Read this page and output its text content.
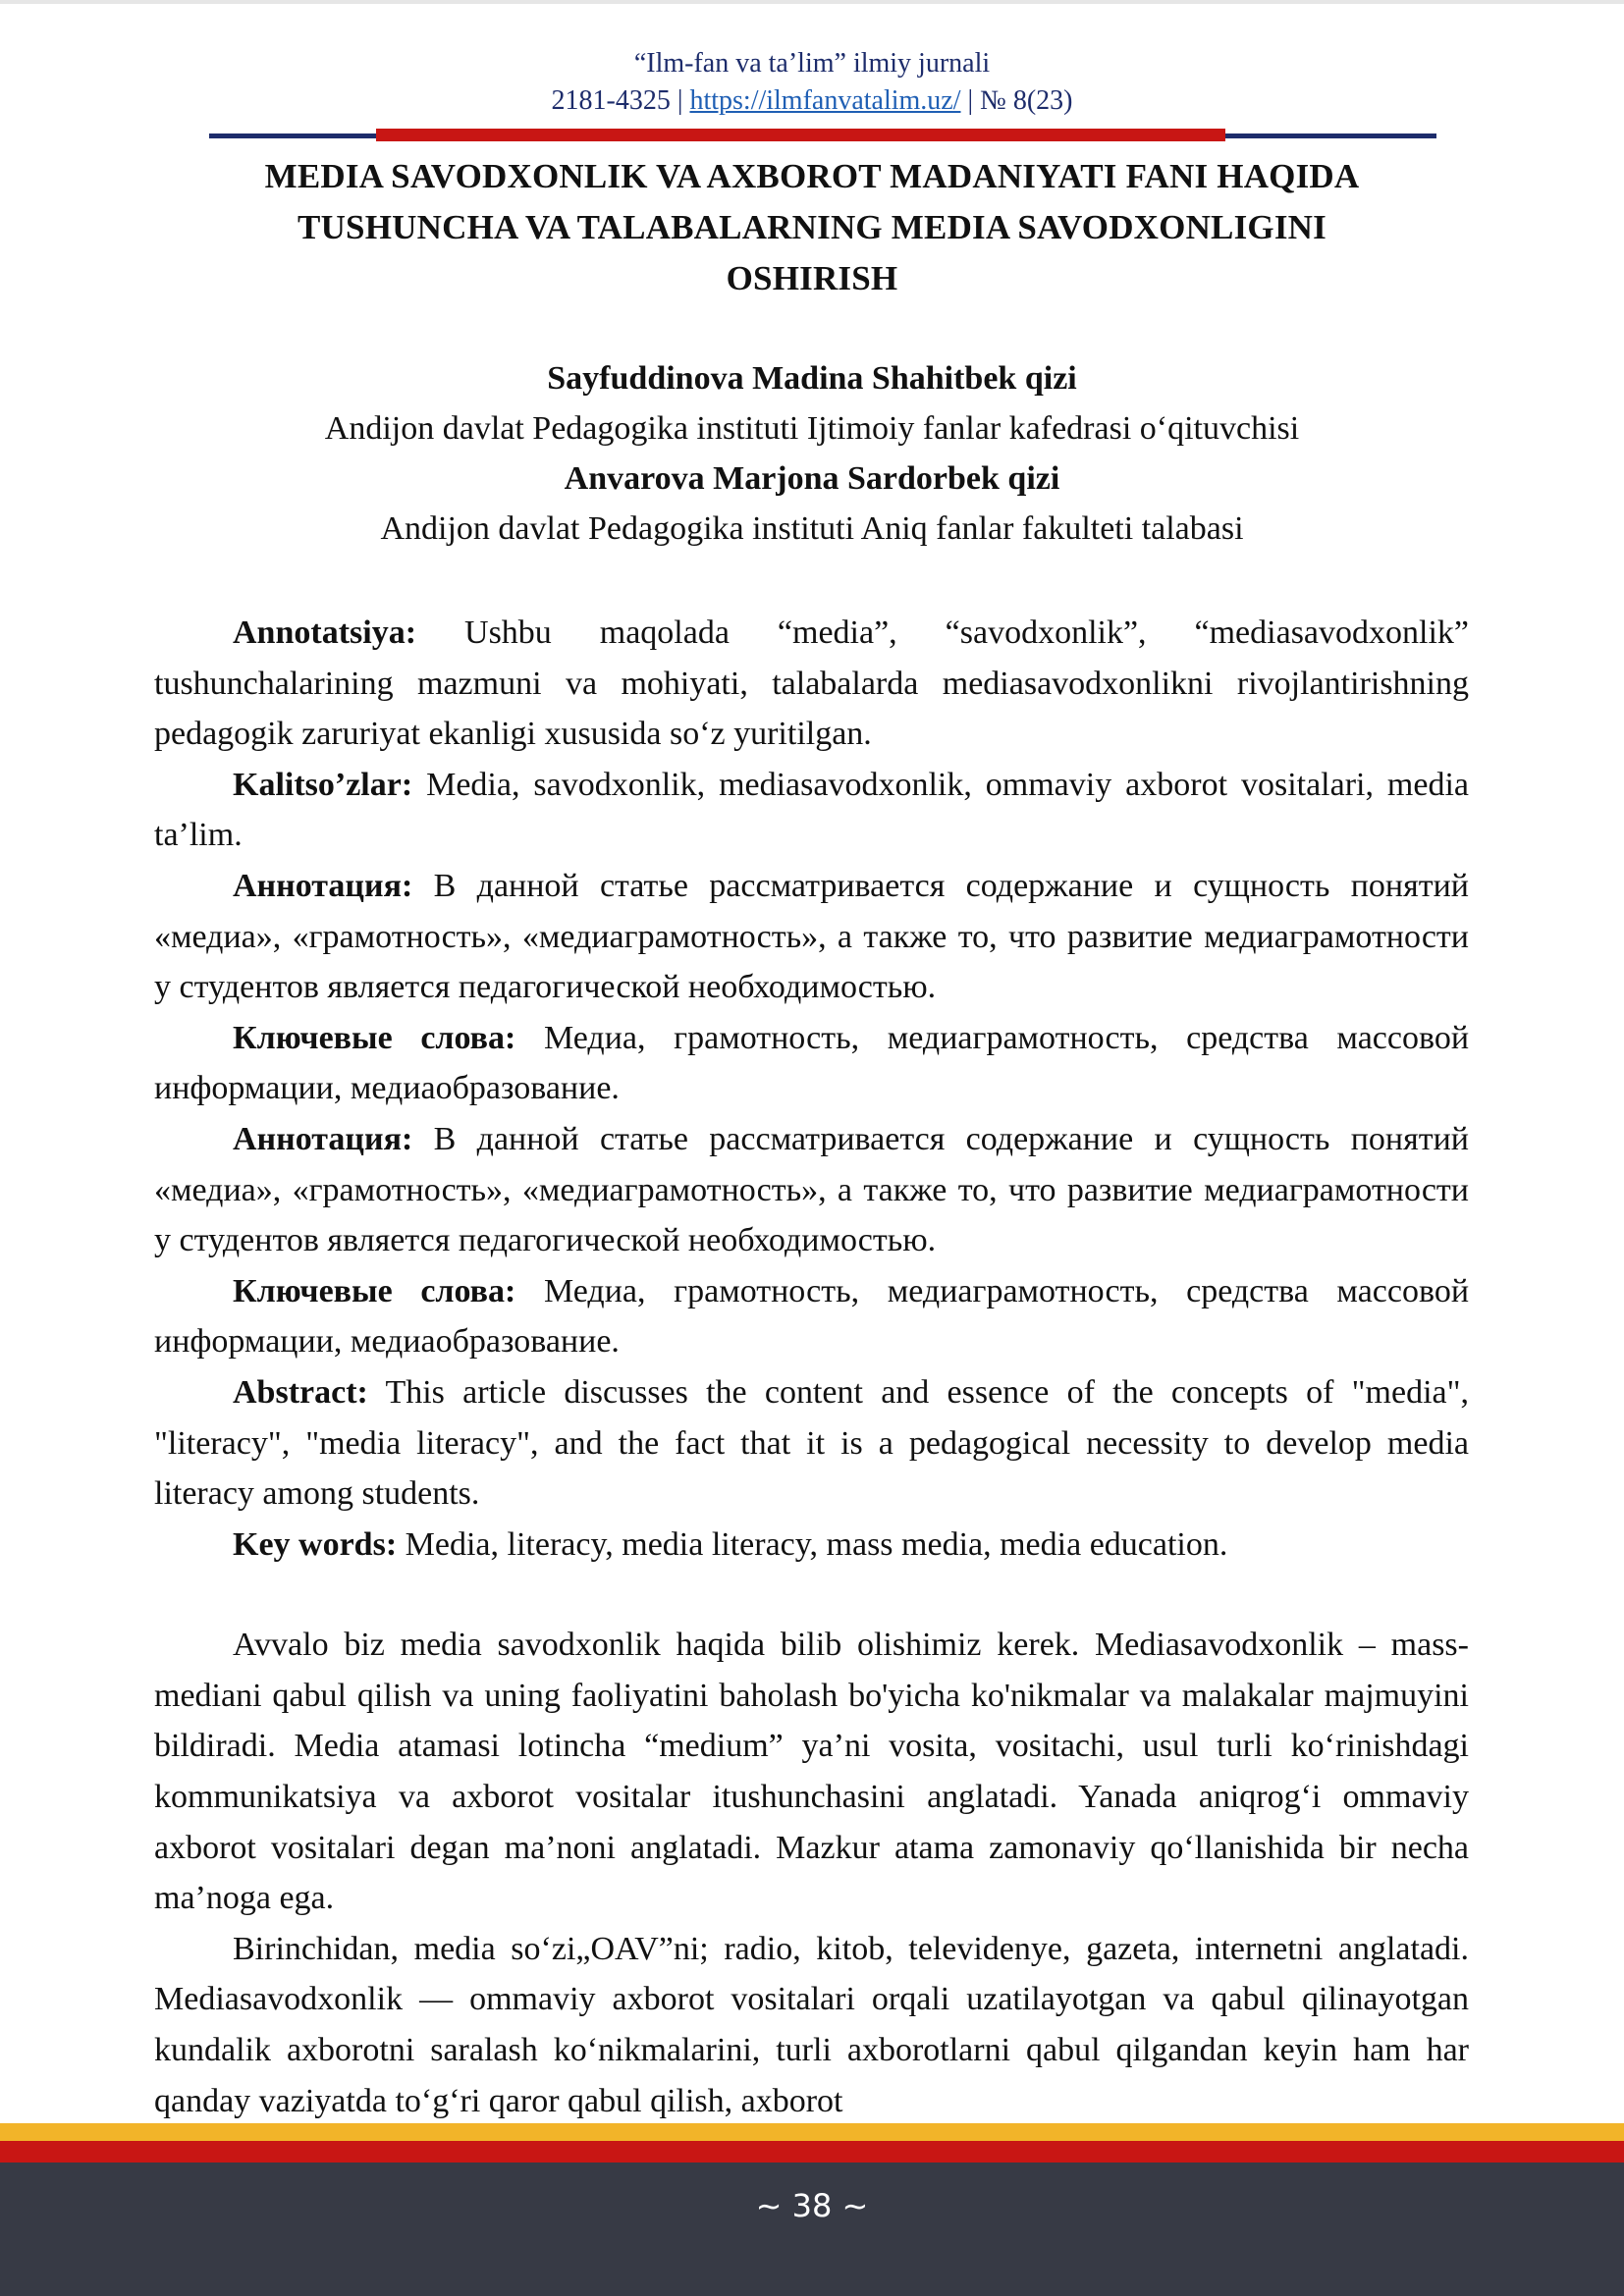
“Ilm-fan va ta’lim” ilmiy jurnali
2181-4325 | https://ilmfanvatalim.uz/ | № 8(23)
MEDIA SAVODXONLIK VA AXBOROT MADANIYATI FANI HAQIDA
TUSHUNCHA VA TALABALARNING MEDIA SAVODXONLIGINI
OSHIRISH
Sayfuddinova Madina Shahitbek qizi
Andijon davlat Pedagogika instituti Ijtimoiy fanlar kafedrasi o‘qituvchisi
Anvarova Marjona Sardorbek qizi
Andijon davlat Pedagogika instituti Aniq fanlar fakulteti talabasi

Annotatsiya: Ushbu maqolada “media”, “savodxonlik”, “mediasavodxonlik” tushunchalarining mazmuni va mohiyati, talabalarda mediasavodxonlikni rivojlantirishning pedagogik zaruriyat ekanligi xususida so‘z yuritilgan.

Kalitso’zlar: Media, savodxonlik, mediasavodxonlik, ommaviy axborot vositalari, media ta’lim.

Аннотация: В данной статье рассматривается содержание и сущность понятий «медиа», «грамотность», «медиаграмотность», а также то, что развитие медиаграмотности у студентов является педагогической необходимостью.

Ключевые слова: Медиа, грамотность, медиаграмотность, средства массовой информации, медиаобразование.

Аннотация: В данной статье рассматривается содержание и сущность понятий «медиа», «грамотность», «медиаграмотность», а также то, что развитие медиаграмотности у студентов является педагогической необходимостью.

Ключевые слова: Медиа, грамотность, медиаграмотность, средства массовой информации, медиаобразование.

Abstract: This article discusses the content and essence of the concepts of "media", "literacy", "media literacy", and the fact that it is a pedagogical necessity to develop media literacy among students.

Key words: Media, literacy, media literacy, mass media, media education.

Avvalo biz media savodxonlik haqida bilib olishimiz kerek. Mediasavodxonlik – mass-mediani qabul qilish va uning faoliyatini baholash bo'yicha ko'nikmalar va malakalar majmuyini bildiradi. Media atamasi lotincha “medium” ya’ni vosita, vositachi, usul turli ko‘rinishdagi kommunikatsiya va axborot vositalar itushunchasini anglatadi. Yanada aniqrog‘i ommaviy axborot vositalari degan ma’noni anglatadi. Mazkur atama zamonaviy qo‘llanishida bir necha ma’noga ega.

Birinchidan, media so‘zi„OAV”ni; radio, kitob, televidenye, gazeta, internetni anglatadi. Mediasavodxonlik — ommaviy axborot vositalari orqali uzatilayotgan va qabul qilinayotgan kundalik axborotni saralash ko‘nikmalarini, turli axborotlarni qabul qilgandan keyin ham har qanday vaziyatda to‘g‘ri qaror qabul qilish, axborot

~ 38 ~
